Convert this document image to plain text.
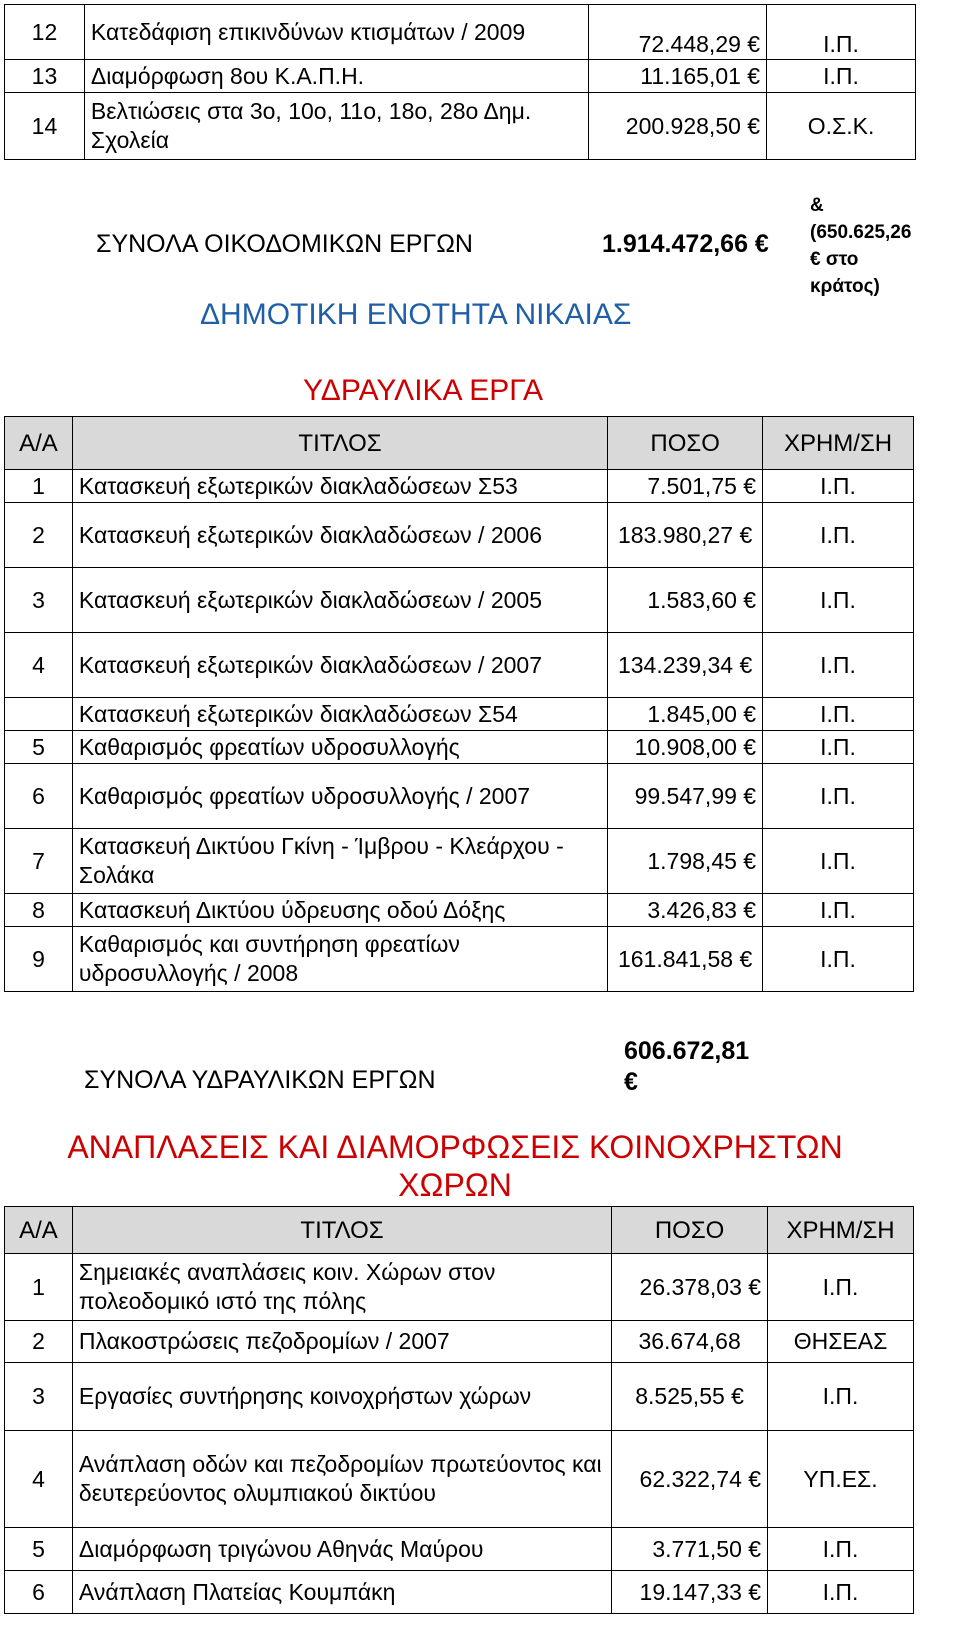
12	Κατεδάφιση επικινδύνων κτισμάτων / 2009	72.448,29 €	Ι.Π.
13	Διαμόρφωση 8ου Κ.Α.Π.Η.	11.165,01 €	Ι.Π.
14	Βελτιώσεις στα 3ο, 10ο, 11ο, 18ο, 28ο Δημ. Σχολεία	200.928,50 €	Ο.Σ.Κ.
ΣΥΝΟΛΑ ΟΙΚΟΔΟΜΙΚΩΝ ΕΡΓΩΝ	1.914.472,66 €
& (650.625,26 € στο κράτος)
ΔΗΜΟΤΙΚΗ ΕΝΟΤΗΤΑ ΝΙΚΑΙΑΣ
ΥΔΡΑΥΛΙΚΑ ΕΡΓΑ
Α/Α	ΤΙΤΛΟΣ	ΠΟΣΟ	ΧΡΗΜ/ΣΗ
1	Κατασκευή εξωτερικών διακλαδώσεων Σ53	7.501,75 €	Ι.Π.
2	Κατασκευή εξωτερικών διακλαδώσεων / 2006	183.980,27 €	Ι.Π.
3	Κατασκευή εξωτερικών διακλαδώσεων / 2005	1.583,60 €	Ι.Π.
4	Κατασκευή εξωτερικών διακλαδώσεων / 2007	134.239,34 €	Ι.Π.
	Κατασκευή εξωτερικών διακλαδώσεων Σ54	1.845,00 €	Ι.Π.
5	Καθαρισμός φρεατίων υδροσυλλογής	10.908,00 €	Ι.Π.
6	Καθαρισμός φρεατίων υδροσυλλογής / 2007	99.547,99 €	Ι.Π.
7	Κατασκευή Δικτύου Γκίνη - Ίμβρου - Κλεάρχου - Σολάκα	1.798,45 €	Ι.Π.
8	Κατασκευή Δικτύου ύδρευσης οδού Δόξης	3.426,83 €	Ι.Π.
9	Καθαρισμός και συντήρηση φρεατίων υδροσυλλογής / 2008	161.841,58 €	Ι.Π.
ΣΥΝΟΛΑ ΥΔΡΑΥΛΙΚΩΝ ΕΡΓΩΝ
606.672,81 €
ΑΝΑΠΛΑΣΕΙΣ ΚΑΙ ΔΙΑΜΟΡΦΩΣΕΙΣ ΚΟΙΝΟΧΡΗΣΤΩΝ
ΧΩΡΩΝ
Α/Α	ΤΙΤΛΟΣ	ΠΟΣΟ	ΧΡΗΜ/ΣΗ
1	Σημειακές αναπλάσεις κοιν. Χώρων στον πολεοδομικό ιστό της πόλης	26.378,03 €	Ι.Π.
2	Πλακοστρώσεις πεζοδρομίων / 2007	36.674,68	ΘΗΣΕΑΣ
3	Εργασίες συντήρησης κοινοχρήστων χώρων	8.525,55 €	Ι.Π.
4	Ανάπλαση οδών και πεζοδρομίων πρωτεύοντος και δευτερεύοντος ολυμπιακού δικτύου	62.322,74 €	ΥΠ.ΕΣ.
5	Διαμόρφωση τριγώνου Αθηνάς Μαύρου	3.771,50 €	Ι.Π.
6	Ανάπλαση Πλατείας Κουμπάκη	19.147,33 €	Ι.Π.
